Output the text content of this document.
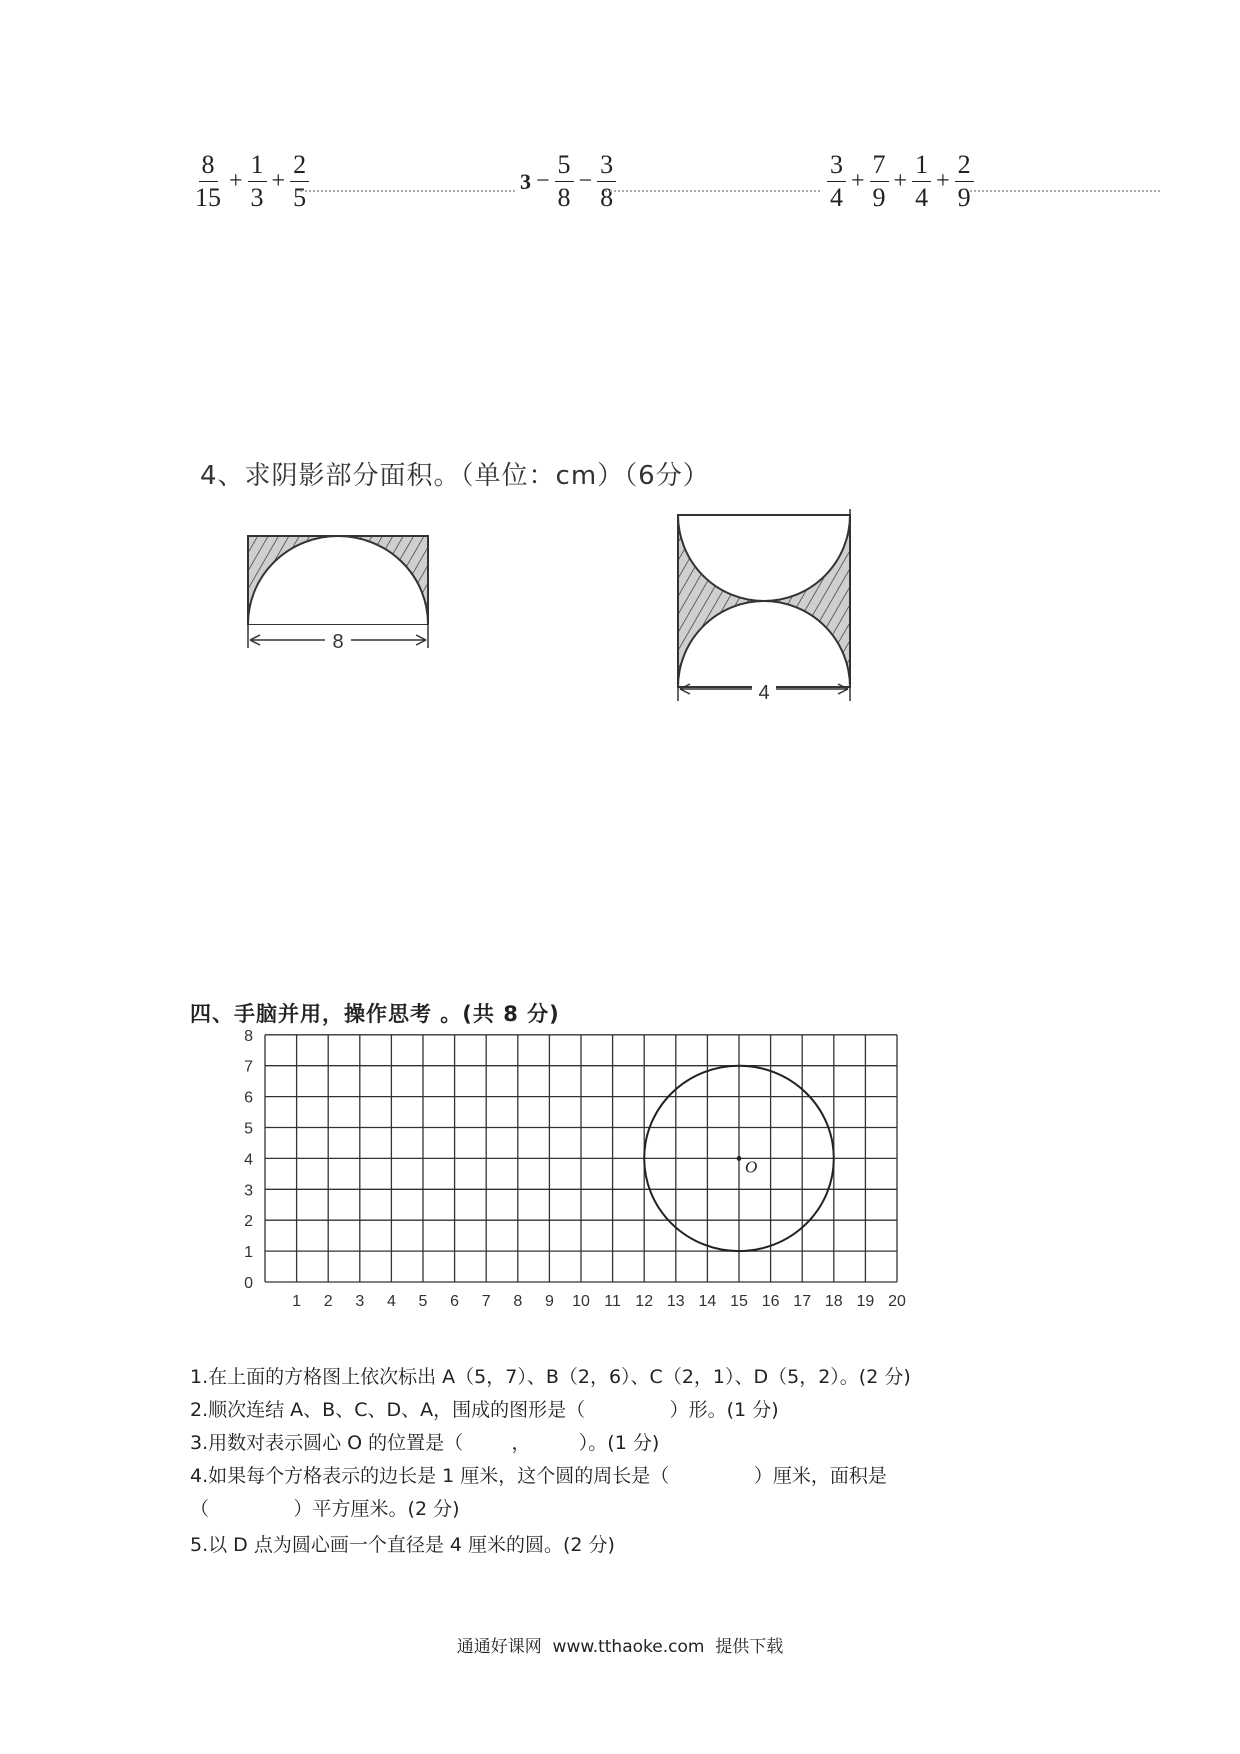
$\frac{8}{15} + \frac{1}{3} + \frac{2}{5}$	$3 - \frac{5}{8} - \frac{3}{8}$	$\frac{3}{4} + \frac{7}{9} + \frac{1}{4} + \frac{2}{9}$
4、求阴影部分面积。（单位：cm）（6分）
8
4
四、手脑并用，操作思考 。(共 8 分)
1 2 3 4 5 6 7 8 9 10 11 12 13 14 15 16 17 18 19 20
0
1
2
3
4
5
6
7
8
O
1.在上面的方格图上依次标出 A（5，7）、B（2，6）、C（2，1）、D（5，2）。(2 分)
2.顺次连结 A、B、C、D、A，围成的图形是（              ）形。(1 分)
3.用数对表示圆心 O 的位置是（        ，        ）。(1 分)
4.如果每个方格表示的边长是 1 厘米，这个圆的周长是（              ）厘米，面积是
（              ）平方厘米。(2 分)
5.以 D 点为圆心画一个直径是 4 厘米的圆。(2 分)
通通好课网  www.tthaoke.com  提供下载
